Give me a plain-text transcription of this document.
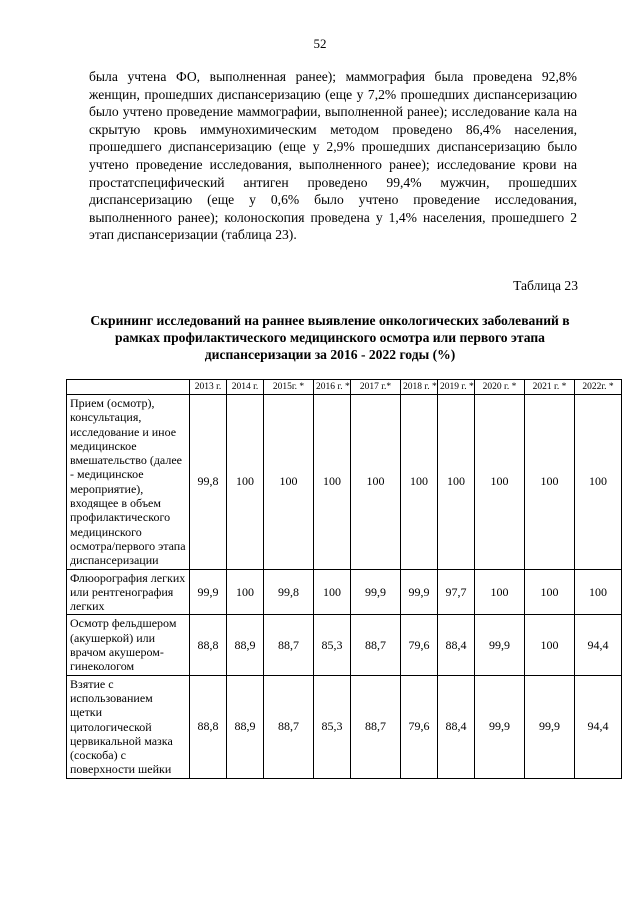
52

была учтена ФО, выполненная ранее); маммография была проведена 92,8% женщин, прошедших диспансеризацию (еще у 7,2% прошедших диспансеризацию было учтено проведение маммографии, выполненной ранее); исследование кала на скрытую кровь иммунохимическим методом проведено 86,4% населения, прошедшего диспансеризацию (еще у 2,9% прошедших диспансеризацию было учтено проведение исследования, выполненного ранее); исследование крови на простатспецифический антиген проведено 99,4% мужчин, прошедших диспансеризацию (еще у 0,6% было учтено проведение исследования, выполненного ранее); колоноскопия проведена у 1,4% населения, прошедшего 2 этап диспансеризации (таблица 23).

Таблица 23

Скрининг исследований на раннее выявление онкологических заболеваний в рамках профилактического медицинского осмотра или первого этапа диспансеризации за 2016 - 2022 годы (%)

	2013 г.	2014 г.	2015г. *	2016 г. *	2017 г.*	2018 г. *	2019 г. *	2020 г. *	2021 г. *	2022г. *
Прием (осмотр), консультация, исследование и иное медицинское вмешательство (далее - медицинское мероприятие), входящее в объем профилактического медицинского осмотра/первого этапа диспансеризации	99,8	100	100	100	100	100	100	100	100	100
Флюорография легких или рентгенография легких	99,9	100	99,8	100	99,9	99,9	97,7	100	100	100
Осмотр фельдшером (акушеркой) или врачом акушером-гинекологом	88,8	88,9	88,7	85,3	88,7	79,6	88,4	99,9	100	94,4
Взятие с использованием щетки цитологической цервикальной мазка (соскоба) с поверхности шейки	88,8	88,9	88,7	85,3	88,7	79,6	88,4	99,9	99,9	94,4
